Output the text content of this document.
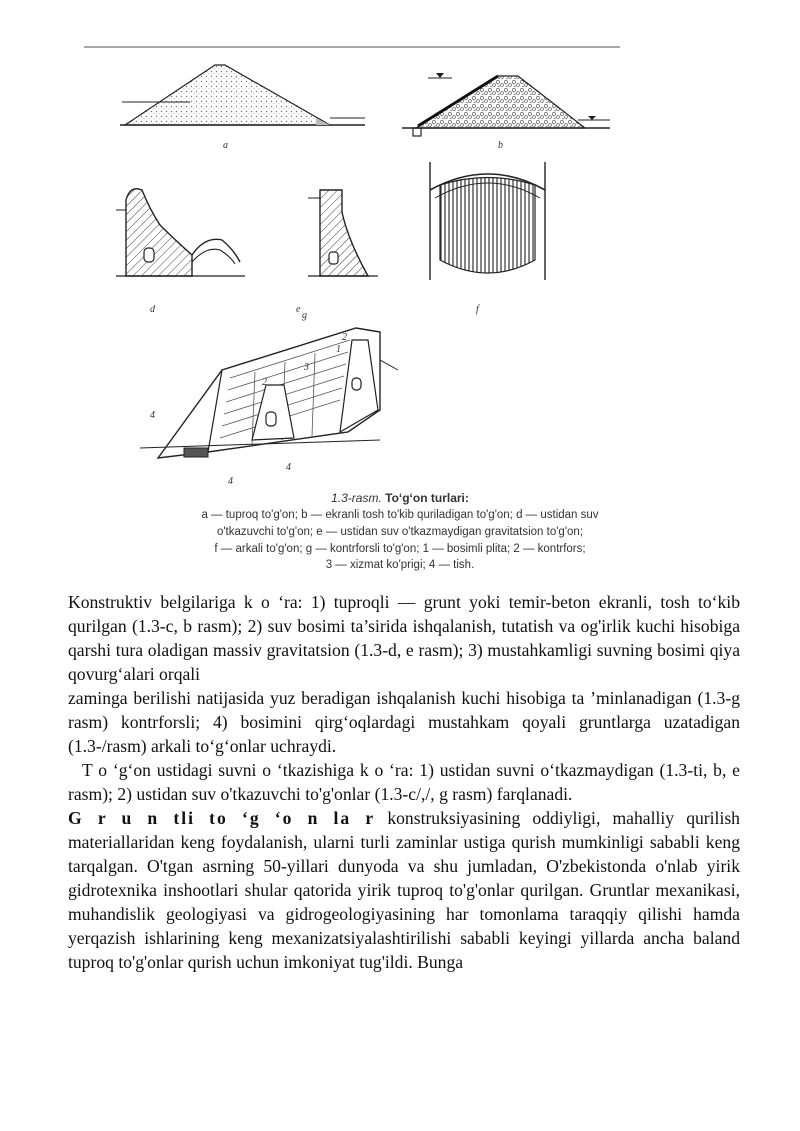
a	b
d	e	f
1
2
2
3
4
4
4
g
1.3-rasm. To‘g‘on turlari:
a — tuproq to'g'on; b — ekranli tosh to'kib quriladigan to'g'on; d — ustidan suv
o'tkazuvchi to'g'on; e — ustidan suv o'tkazmaydigan gravitatsion to'g'on;
f — arkali to'g'on; g — kontrforsli to'g'on; 1 — bosimli plita; 2 — kontrfors;
3 — xizmat ko'prigi; 4 — tish.

Konstruktiv belgilariga k o ‘ra: 1) tuproqli — grunt yoki temir-beton ekranli, tosh to‘kib qurilgan (1.3-c, b rasm); 2) suv bosimi ta’sirida ishqalanish, tutatish va og'irlik kuchi hisobiga qarshi tura oladigan massiv gravitatsion (1.3-d, e rasm); 3) mustahkamligi suvning bosimi qiya qovurg‘alari orqali

zaminga berilishi natijasida yuz beradigan ishqalanish kuchi hisobiga ta ’minlanadigan (1.3-g rasm) kontrforsli; 4) bosimini qirg‘oqlardagi mustahkam qoyali gruntlarga uzatadigan (1.3-/rasm) arkali to‘g‘onlar uchraydi.

T o ‘g‘on ustidagi suvni o ‘tkazishiga k o ‘ra: 1) ustidan suvni o‘tkazmaydigan (1.3-ti, b, e rasm); 2) ustidan suv o'tkazuvchi to'g'onlar (1.3-c/,/, g rasm) farqlanadi.

G r u n tli to ‘g ‘o n la r konstruksiyasining oddiyligi, mahalliy qurilish materiallaridan keng foydalanish, ularni turli zaminlar ustiga qurish mumkinligi sababli keng tarqalgan. O'tgan asrning 50-yillari dunyoda va shu jumladan, O'zbekistonda o'nlab yirik gidrotexnika inshootlari shular qatorida yirik tuproq to'g'onlar qurilgan. Gruntlar mexanikasi, muhandislik geologiyasi va gidrogeologiyasining har tomonlama taraqqiy qilishi hamda yerqazish ishlarining keng mexanizatsiyalashtirilishi sababli keyingi yillarda ancha baland tuproq to'g'onlar qurish uchun imkoniyat tug'ildi. Bunga
